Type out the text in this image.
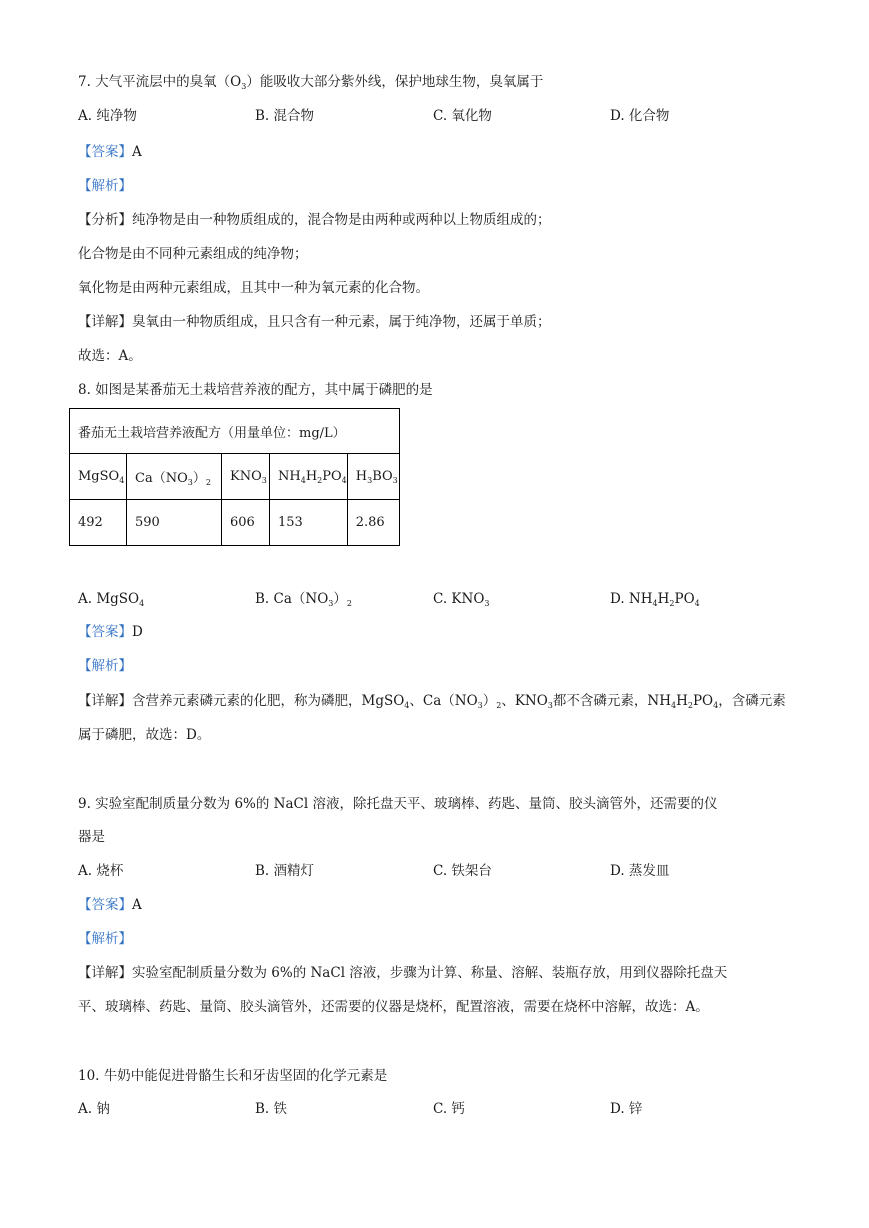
7. 大气平流层中的臭氧$(O_3)$能吸收大部分紫外线，保护地球生物，臭氧属于
A. 纯净物	B. 混合物	C. 氧化物	D. 化合物
【答案】A
【解析】
【分析】纯净物是由一种物质组成的，混合物是由两种或两种以上物质组成的；
化合物是由不同种元素组成的纯净物；
氧化物是由两种元素组成，且其中一种为氧元素的化合物。
【详解】臭氧由一种物质组成，且只含有一种元素，属于纯净物，还属于单质；
故选：A。
8. 如图是某番茄无土栽培营养液的配方，其中属于磷肥的是
番茄无土栽培营养液配方（用量单位：mg/L）				
MgSO$_4$	$Ca(NO_3)_2$	$KNO_3$	$NH_4H_2PO_4$	$H_3BO_3$
492	590	606	153	2.86
A. MgSO$_4$	B. $Ca(NO_3)_2$	C. $KNO_3$	D. $NH_4H_2PO_4$
【答案】D
【解析】
【详解】含营养元素磷元素的化肥，称为磷肥，MgSO$_4$、$Ca(NO_3)_2$、$KNO_3$都不含磷元素，$NH_4H_2PO_4$，含磷元素
属于磷肥，故选：D。
9. 实验室配制质量分数为 6%的 NaCl 溶液，除托盘天平、玻璃棒、药匙、量筒、胶头滴管外，还需要的仪
器是
A. 烧杯	B. 酒精灯	C. 铁架台	D. 蒸发皿
【答案】A
【解析】
【详解】实验室配制质量分数为 6%的 NaCl 溶液，步骤为计算、称量、溶解、装瓶存放，用到仪器除托盘天
平、玻璃棒、药匙、量筒、胶头滴管外，还需要的仪器是烧杯，配置溶液，需要在烧杯中溶解，故选：A。
10. 牛奶中能促进骨骼生长和牙齿坚固的化学元素是
A. 钠	B. 铁	C. 钙	D. 锌
